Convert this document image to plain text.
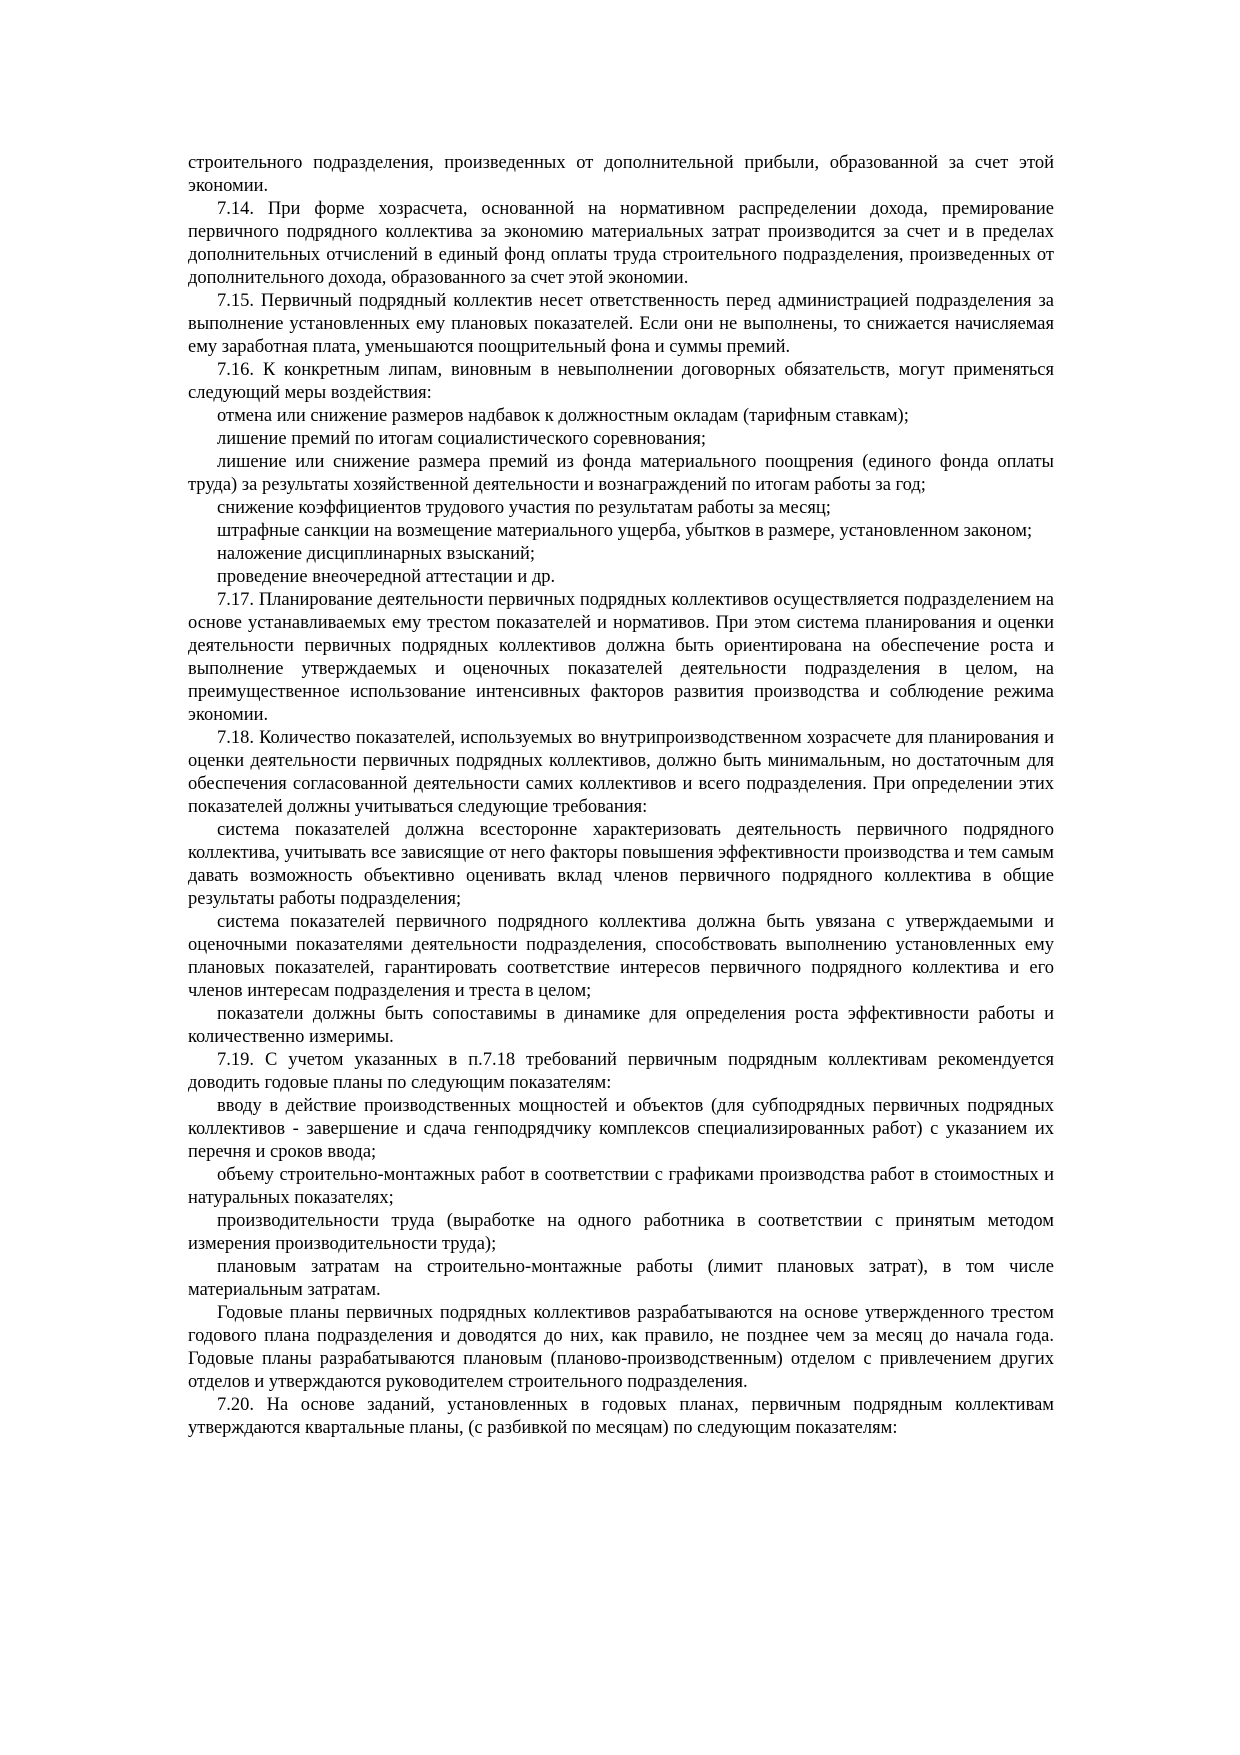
строительного подразделения, произведенных от дополнительной прибыли, образованной за счет этой экономии.

7.14. При форме хозрасчета, основанной на нормативном распределении дохода, премирование первичного подрядного коллектива за экономию материальных затрат производится за счет и в пределах дополнительных отчислений в единый фонд оплаты труда строительного подразделения, произведенных от дополнительного дохода, образованного за счет этой экономии.

7.15. Первичный подрядный коллектив несет ответственность перед администрацией подразделения за выполнение установленных ему плановых показателей. Если они не выполнены, то снижается начисляемая ему заработная плата, уменьшаются поощрительный фона и суммы премий.

7.16. К конкретным липам, виновным в невыполнении договорных обязательств, могут применяться следующий меры воздействия:

отмена или снижение размеров надбавок к должностным окладам (тарифным ставкам);

лишение премий по итогам социалистического соревнования;

лишение или снижение размера премий из фонда материального поощрения (единого фонда оплаты труда) за результаты хозяйственной деятельности и вознаграждений по итогам работы за год;

снижение коэффициентов трудового участия по результатам работы за месяц;

штрафные санкции на возмещение материального ущерба, убытков в размере, установленном законом;

наложение дисциплинарных взысканий;

проведение внеочередной аттестации и др.

7.17. Планирование деятельности первичных подрядных коллективов осуществляется подразделением на основе устанавливаемых ему трестом показателей и нормативов. При этом система планирования и оценки деятельности первичных подрядных коллективов должна быть ориентирована на обеспечение роста и выполнение утверждаемых и оценочных показателей деятельности подразделения в целом, на преимущественное использование интенсивных факторов развития производства и соблюдение режима экономии.

7.18. Количество показателей, используемых во внутрипроизводственном хозрасчете для планирования и оценки деятельности первичных подрядных коллективов, должно быть минимальным, но достаточным для обеспечения согласованной деятельности самих коллективов и всего подразделения. При определении этих показателей должны учитываться следующие требования:

система показателей должна всесторонне характеризовать деятельность первичного подрядного коллектива, учитывать все зависящие от него факторы повышения эффективности производства и тем самым давать возможность объективно оценивать вклад членов первичного подрядного коллектива в общие результаты работы подразделения;

система показателей первичного подрядного коллектива должна быть увязана с утверждаемыми и оценочными показателями деятельности подразделения, способствовать выполнению установленных ему плановых показателей, гарантировать соответствие интересов первичного подрядного коллектива и его членов интересам подразделения и треста в целом;

показатели должны быть сопоставимы в динамике для определения роста эффективности работы и количественно измеримы.

7.19. С учетом указанных в п.7.18 требований первичным подрядным коллективам рекомендуется доводить годовые планы по следующим показателям:

вводу в действие производственных мощностей и объектов (для субподрядных первичных подрядных коллективов - завершение и сдача генподрядчику комплексов специализированных работ) с указанием их перечня и сроков ввода;

объему строительно-монтажных работ в соответствии с графиками производства работ в стоимостных и натуральных показателях;

производительности труда (выработке на одного работника в соответствии с принятым методом измерения производительности труда);

плановым затратам на строительно-монтажные работы (лимит плановых затрат), в том числе материальным затратам.

Годовые планы первичных подрядных коллективов разрабатываются на основе утвержденного трестом годового плана подразделения и доводятся до них, как правило, не позднее чем за месяц до начала года. Годовые планы разрабатываются плановым (планово-производственным) отделом с привлечением других отделов и утверждаются руководителем строительного подразделения.

7.20. На основе заданий, установленных в годовых планах, первичным подрядным коллективам утверждаются квартальные планы, (с разбивкой по месяцам) по следующим показателям:
